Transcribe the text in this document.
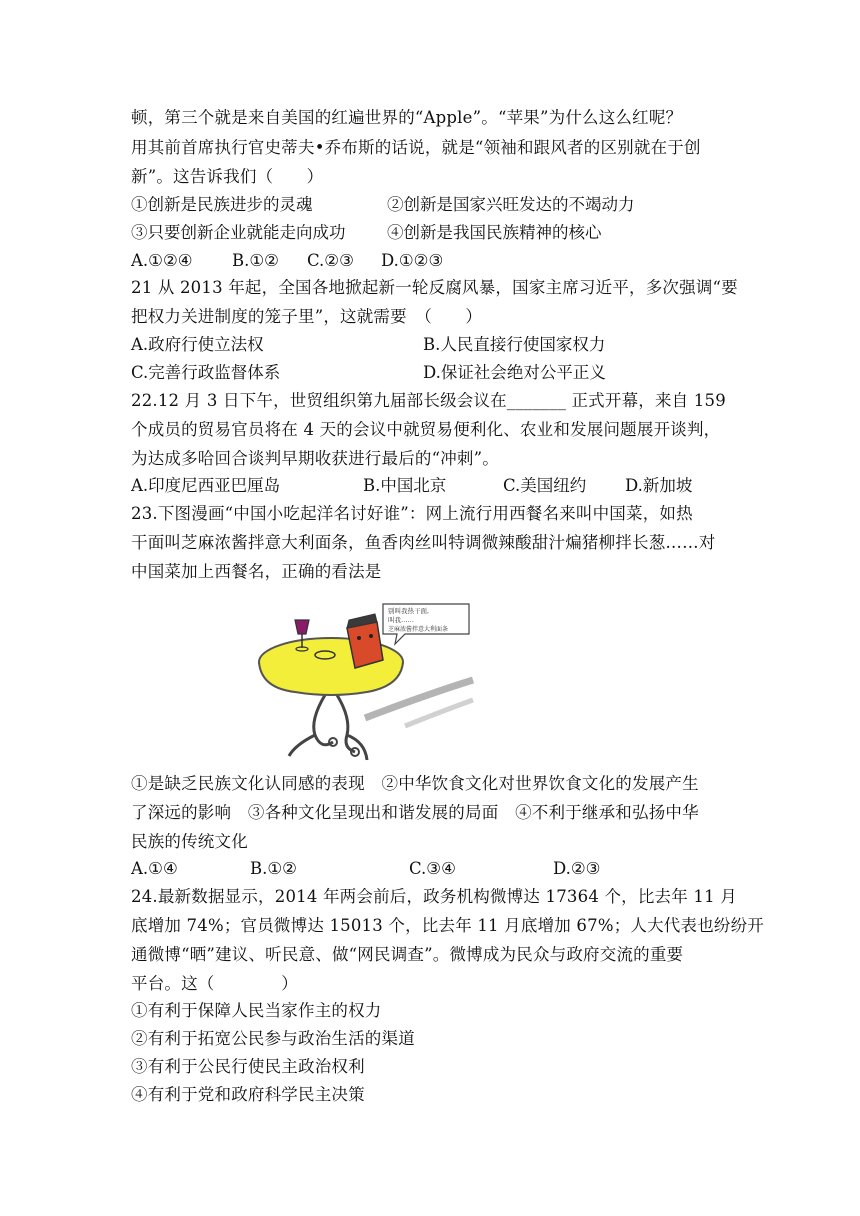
顿，第三个就是来自美国的红遍世界的“Apple”。“苹果”为什么这么红呢？
用其前首席执行官史蒂夫•乔布斯的话说，就是“领袖和跟风者的区别就在于创
新”。这告诉我们（　　）
①创新是民族进步的灵魂	②创新是国家兴旺发达的不竭动力
③只要创新企业就能走向成功	④创新是我国民族精神的核心
A.①②④ B.①② C.②③ D.①②③
21 从 2013 年起，全国各地掀起新一轮反腐风暴，国家主席习近平，多次强调“要
把权力关进制度的笼子里”，这就需要　（　　）
A.政府行使立法权	B.人民直接行使国家权力
C.完善行政监督体系	D.保证社会绝对公平正义
22.12 月 3 日下午，世贸组织第九届部长级会议在_______ 正式开幕，来自 159
个成员的贸易官员将在 4 天的会议中就贸易便利化、农业和发展问题展开谈判，
为达成多哈回合谈判早期收获进行最后的“冲刺”。
A.印度尼西亚巴厘岛	B.中国北京	C.美国纽约 D.新加坡
23.下图漫画“中国小吃起洋名讨好谁”：网上流行用西餐名来叫中国菜，如热
干面叫芝麻浓酱拌意大利面条，鱼香肉丝叫特调微辣酸甜汁煸猪柳拌长葱……对
中国菜加上西餐名，正确的看法是
别叫我热干面,
叫我……
芝麻浓酱拌意大利面条
①是缺乏民族文化认同感的表现　②中华饮食文化对世界饮食文化的发展产生
了深远的影响　③各种文化呈现出和谐发展的局面　④不利于继承和弘扬中华
民族的传统文化
A.①④	B.①②	C.③④	D.②③
24.最新数据显示，2014 年两会前后，政务机构微博达 17364 个，比去年 11 月
底增加 74%；官员微博达 15013 个，比去年 11 月底增加 67%；人大代表也纷纷开
通微博“晒”建议、听民意、做“网民调查”。微博成为民众与政府交流的重要
平台。这（　　　　）
①有利于保障人民当家作主的权力
②有利于拓宽公民参与政治生活的渠道
③有利于公民行使民主政治权利
④有利于党和政府科学民主决策
